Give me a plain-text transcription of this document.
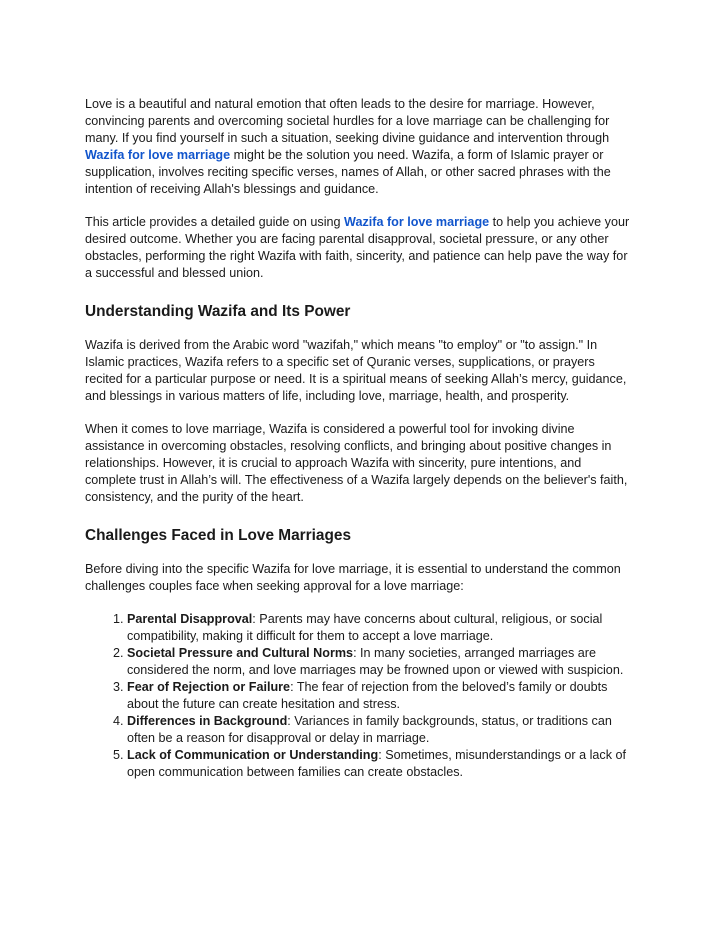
Love is a beautiful and natural emotion that often leads to the desire for marriage. However, convincing parents and overcoming societal hurdles for a love marriage can be challenging for many. If you find yourself in such a situation, seeking divine guidance and intervention through Wazifa for love marriage might be the solution you need. Wazifa, a form of Islamic prayer or supplication, involves reciting specific verses, names of Allah, or other sacred phrases with the intention of receiving Allah's blessings and guidance.

This article provides a detailed guide on using Wazifa for love marriage to help you achieve your desired outcome. Whether you are facing parental disapproval, societal pressure, or any other obstacles, performing the right Wazifa with faith, sincerity, and patience can help pave the way for a successful and blessed union.

Understanding Wazifa and Its Power

Wazifa is derived from the Arabic word "wazifah," which means "to employ" or "to assign." In Islamic practices, Wazifa refers to a specific set of Quranic verses, supplications, or prayers recited for a particular purpose or need. It is a spiritual means of seeking Allah’s mercy, guidance, and blessings in various matters of life, including love, marriage, health, and prosperity.

When it comes to love marriage, Wazifa is considered a powerful tool for invoking divine assistance in overcoming obstacles, resolving conflicts, and bringing about positive changes in relationships. However, it is crucial to approach Wazifa with sincerity, pure intentions, and complete trust in Allah’s will. The effectiveness of a Wazifa largely depends on the believer's faith, consistency, and the purity of the heart.

Challenges Faced in Love Marriages

Before diving into the specific Wazifa for love marriage, it is essential to understand the common challenges couples face when seeking approval for a love marriage:

1. Parental Disapproval: Parents may have concerns about cultural, religious, or social compatibility, making it difficult for them to accept a love marriage.
2. Societal Pressure and Cultural Norms: In many societies, arranged marriages are considered the norm, and love marriages may be frowned upon or viewed with suspicion.
3. Fear of Rejection or Failure: The fear of rejection from the beloved’s family or doubts about the future can create hesitation and stress.
4. Differences in Background: Variances in family backgrounds, status, or traditions can often be a reason for disapproval or delay in marriage.
5. Lack of Communication or Understanding: Sometimes, misunderstandings or a lack of open communication between families can create obstacles.
